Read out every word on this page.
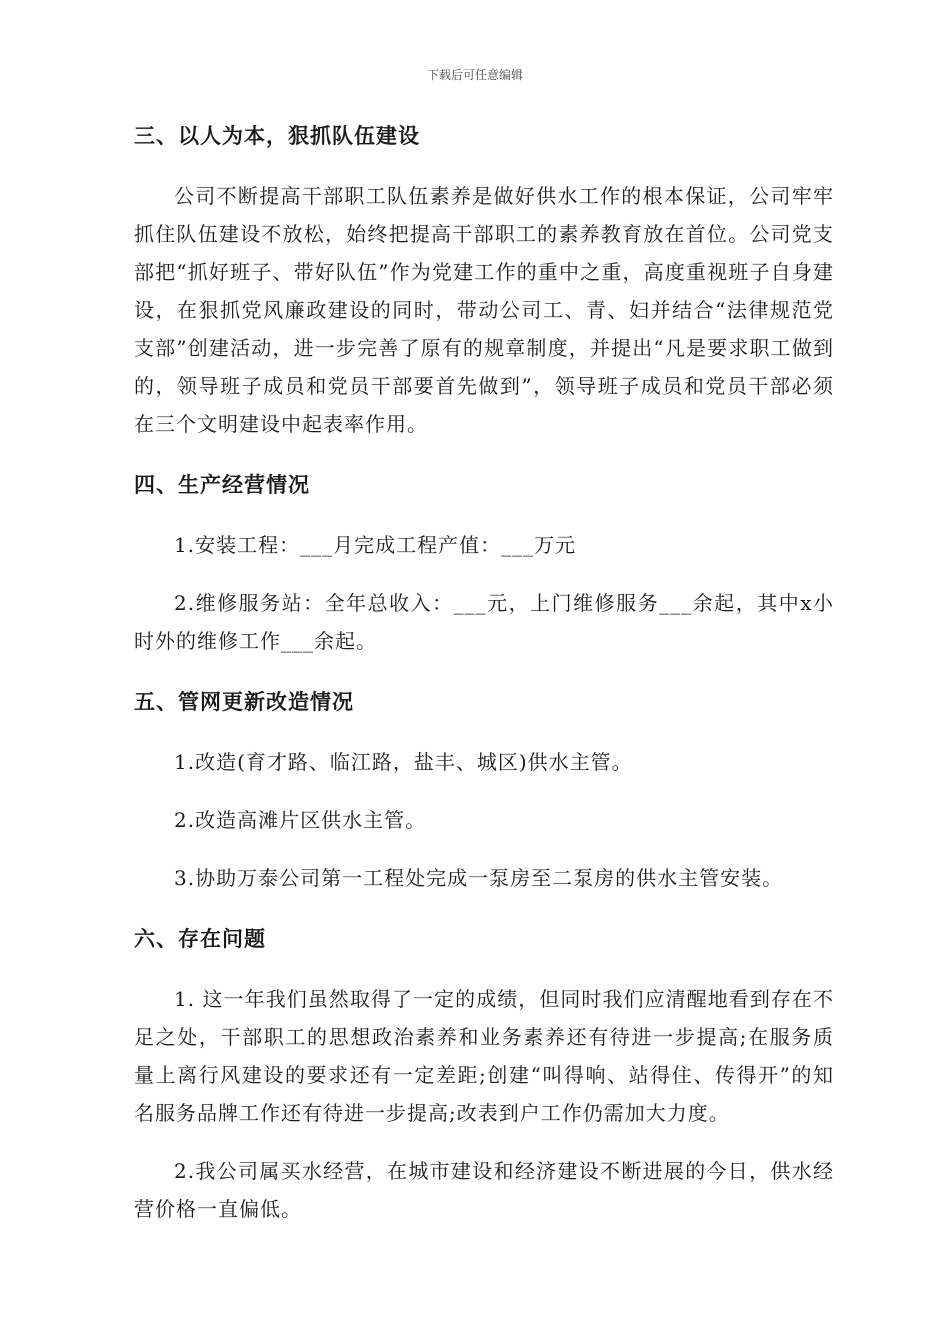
下载后可任意编辑
三、以人为本，狠抓队伍建设

公司不断提高干部职工队伍素养是做好供水工作的根本保证，公司牢牢抓住队伍建设不放松，始终把提高干部职工的素养教育放在首位。公司党支部把“抓好班子、带好队伍”作为党建工作的重中之重，高度重视班子自身建设，在狠抓党风廉政建设的同时，带动公司工、青、妇并结合“法律规范党支部”创建活动，进一步完善了原有的规章制度，并提出“凡是要求职工做到的，领导班子成员和党员干部要首先做到”，领导班子成员和党员干部必须在三个文明建设中起表率作用。

四、生产经营情况

1.安装工程：___月完成工程产值：___万元

2.维修服务站：全年总收入：___元，上门维修服务___余起，其中x小时外的维修工作___余起。

五、管网更新改造情况

1.改造(育才路、临江路，盐丰、城区)供水主管。

2.改造高滩片区供水主管。

3.协助万泰公司第一工程处完成一泵房至二泵房的供水主管安装。

六、存在问题

1. 这一年我们虽然取得了一定的成绩，但同时我们应清醒地看到存在不足之处，干部职工的思想政治素养和业务素养还有待进一步提高;在服务质量上离行风建设的要求还有一定差距;创建“叫得响、站得住、传得开”的知名服务品牌工作还有待进一步提高;改表到户工作仍需加大力度。

2.我公司属买水经营，在城市建设和经济建设不断进展的今日，供水经营价格一直偏低。
